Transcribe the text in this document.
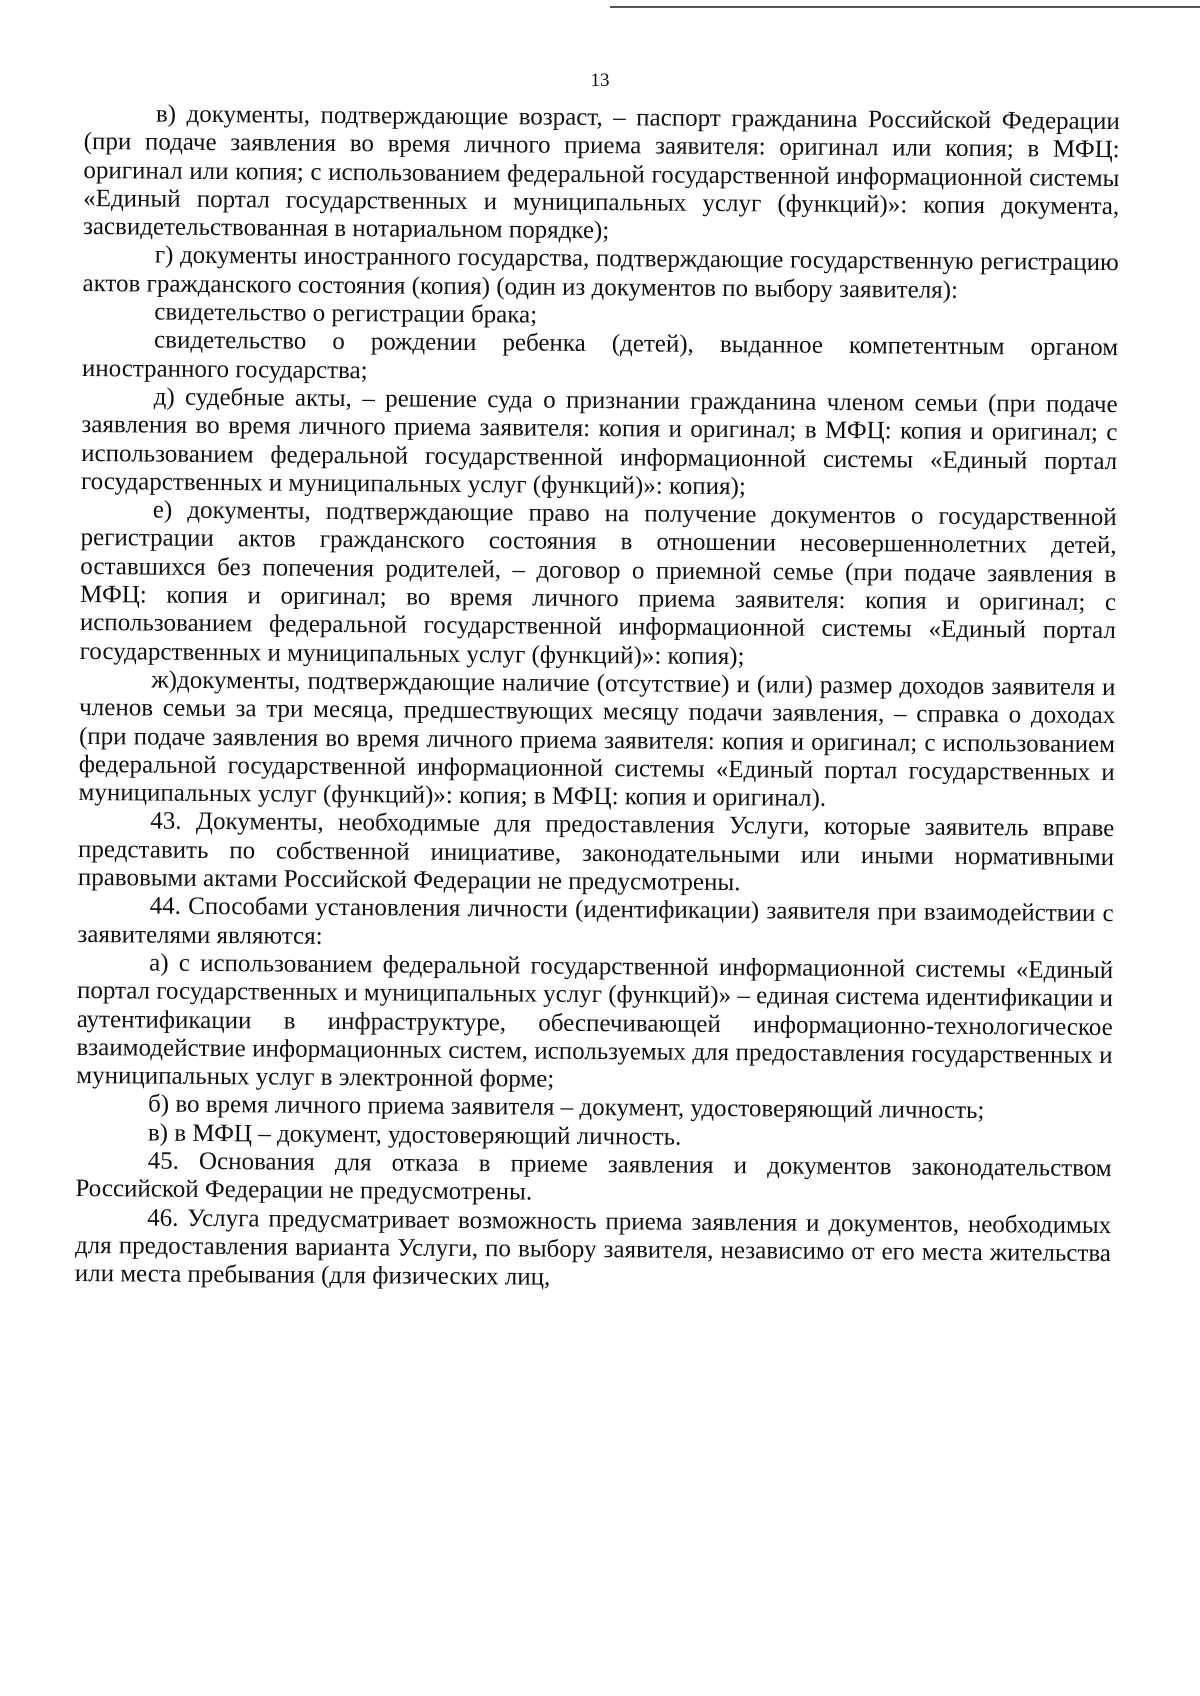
13

в) документы, подтверждающие возраст, – паспорт гражданина Российской Федерации (при подаче заявления во время личного приема заявителя: оригинал или копия; в МФЦ: оригинал или копия; с использованием федеральной государственной информационной системы «Единый портал государственных и муниципальных услуг (функций)»: копия документа, засвидетельствованная в нотариальном порядке);

г) документы иностранного государства, подтверждающие государственную регистрацию актов гражданского состояния (копия) (один из документов по выбору заявителя):

свидетельство о регистрации брака;

свидетельство о рождении ребенка (детей), выданное компетентным органом иностранного государства;

д) судебные акты, – решение суда о признании гражданина членом семьи (при подаче заявления во время личного приема заявителя: копия и оригинал; в МФЦ: копия и оригинал; с использованием федеральной государственной информационной системы «Единый портал государственных и муниципальных услуг (функций)»: копия);

е) документы, подтверждающие право на получение документов о государственной регистрации актов гражданского состояния в отношении несовершеннолетних детей, оставшихся без попечения родителей, – договор о приемной семье (при подаче заявления в МФЦ: копия и оригинал; во время личного приема заявителя: копия и оригинал; с использованием федеральной государственной информационной системы «Единый портал государственных и муниципальных услуг (функций)»: копия);

ж)документы, подтверждающие наличие (отсутствие) и (или) размер доходов заявителя и членов семьи за три месяца, предшествующих месяцу подачи заявления, – справка о доходах (при подаче заявления во время личного приема заявителя: копия и оригинал; с использованием федеральной государственной информационной системы «Единый портал государственных и муниципальных услуг (функций)»: копия; в МФЦ: копия и оригинал).

43. Документы, необходимые для предоставления Услуги, которые заявитель вправе представить по собственной инициативе, законодательными или иными нормативными правовыми актами Российской Федерации не предусмотрены.

44. Способами установления личности (идентификации) заявителя при взаимодействии с заявителями являются:

а) с использованием федеральной государственной информационной системы «Единый портал государственных и муниципальных услуг (функций)» – единая система идентификации и аутентификации в инфраструктуре, обеспечивающей информационно-технологическое взаимодействие информационных систем, используемых для предоставления государственных и муниципальных услуг в электронной форме;

б) во время личного приема заявителя – документ, удостоверяющий личность;

в) в МФЦ – документ, удостоверяющий личность.

45. Основания для отказа в приеме заявления и документов законодательством Российской Федерации не предусмотрены.

46. Услуга предусматривает возможность приема заявления и документов, необходимых для предоставления варианта Услуги, по выбору заявителя, независимо от его места жительства или места пребывания (для физических лиц,
